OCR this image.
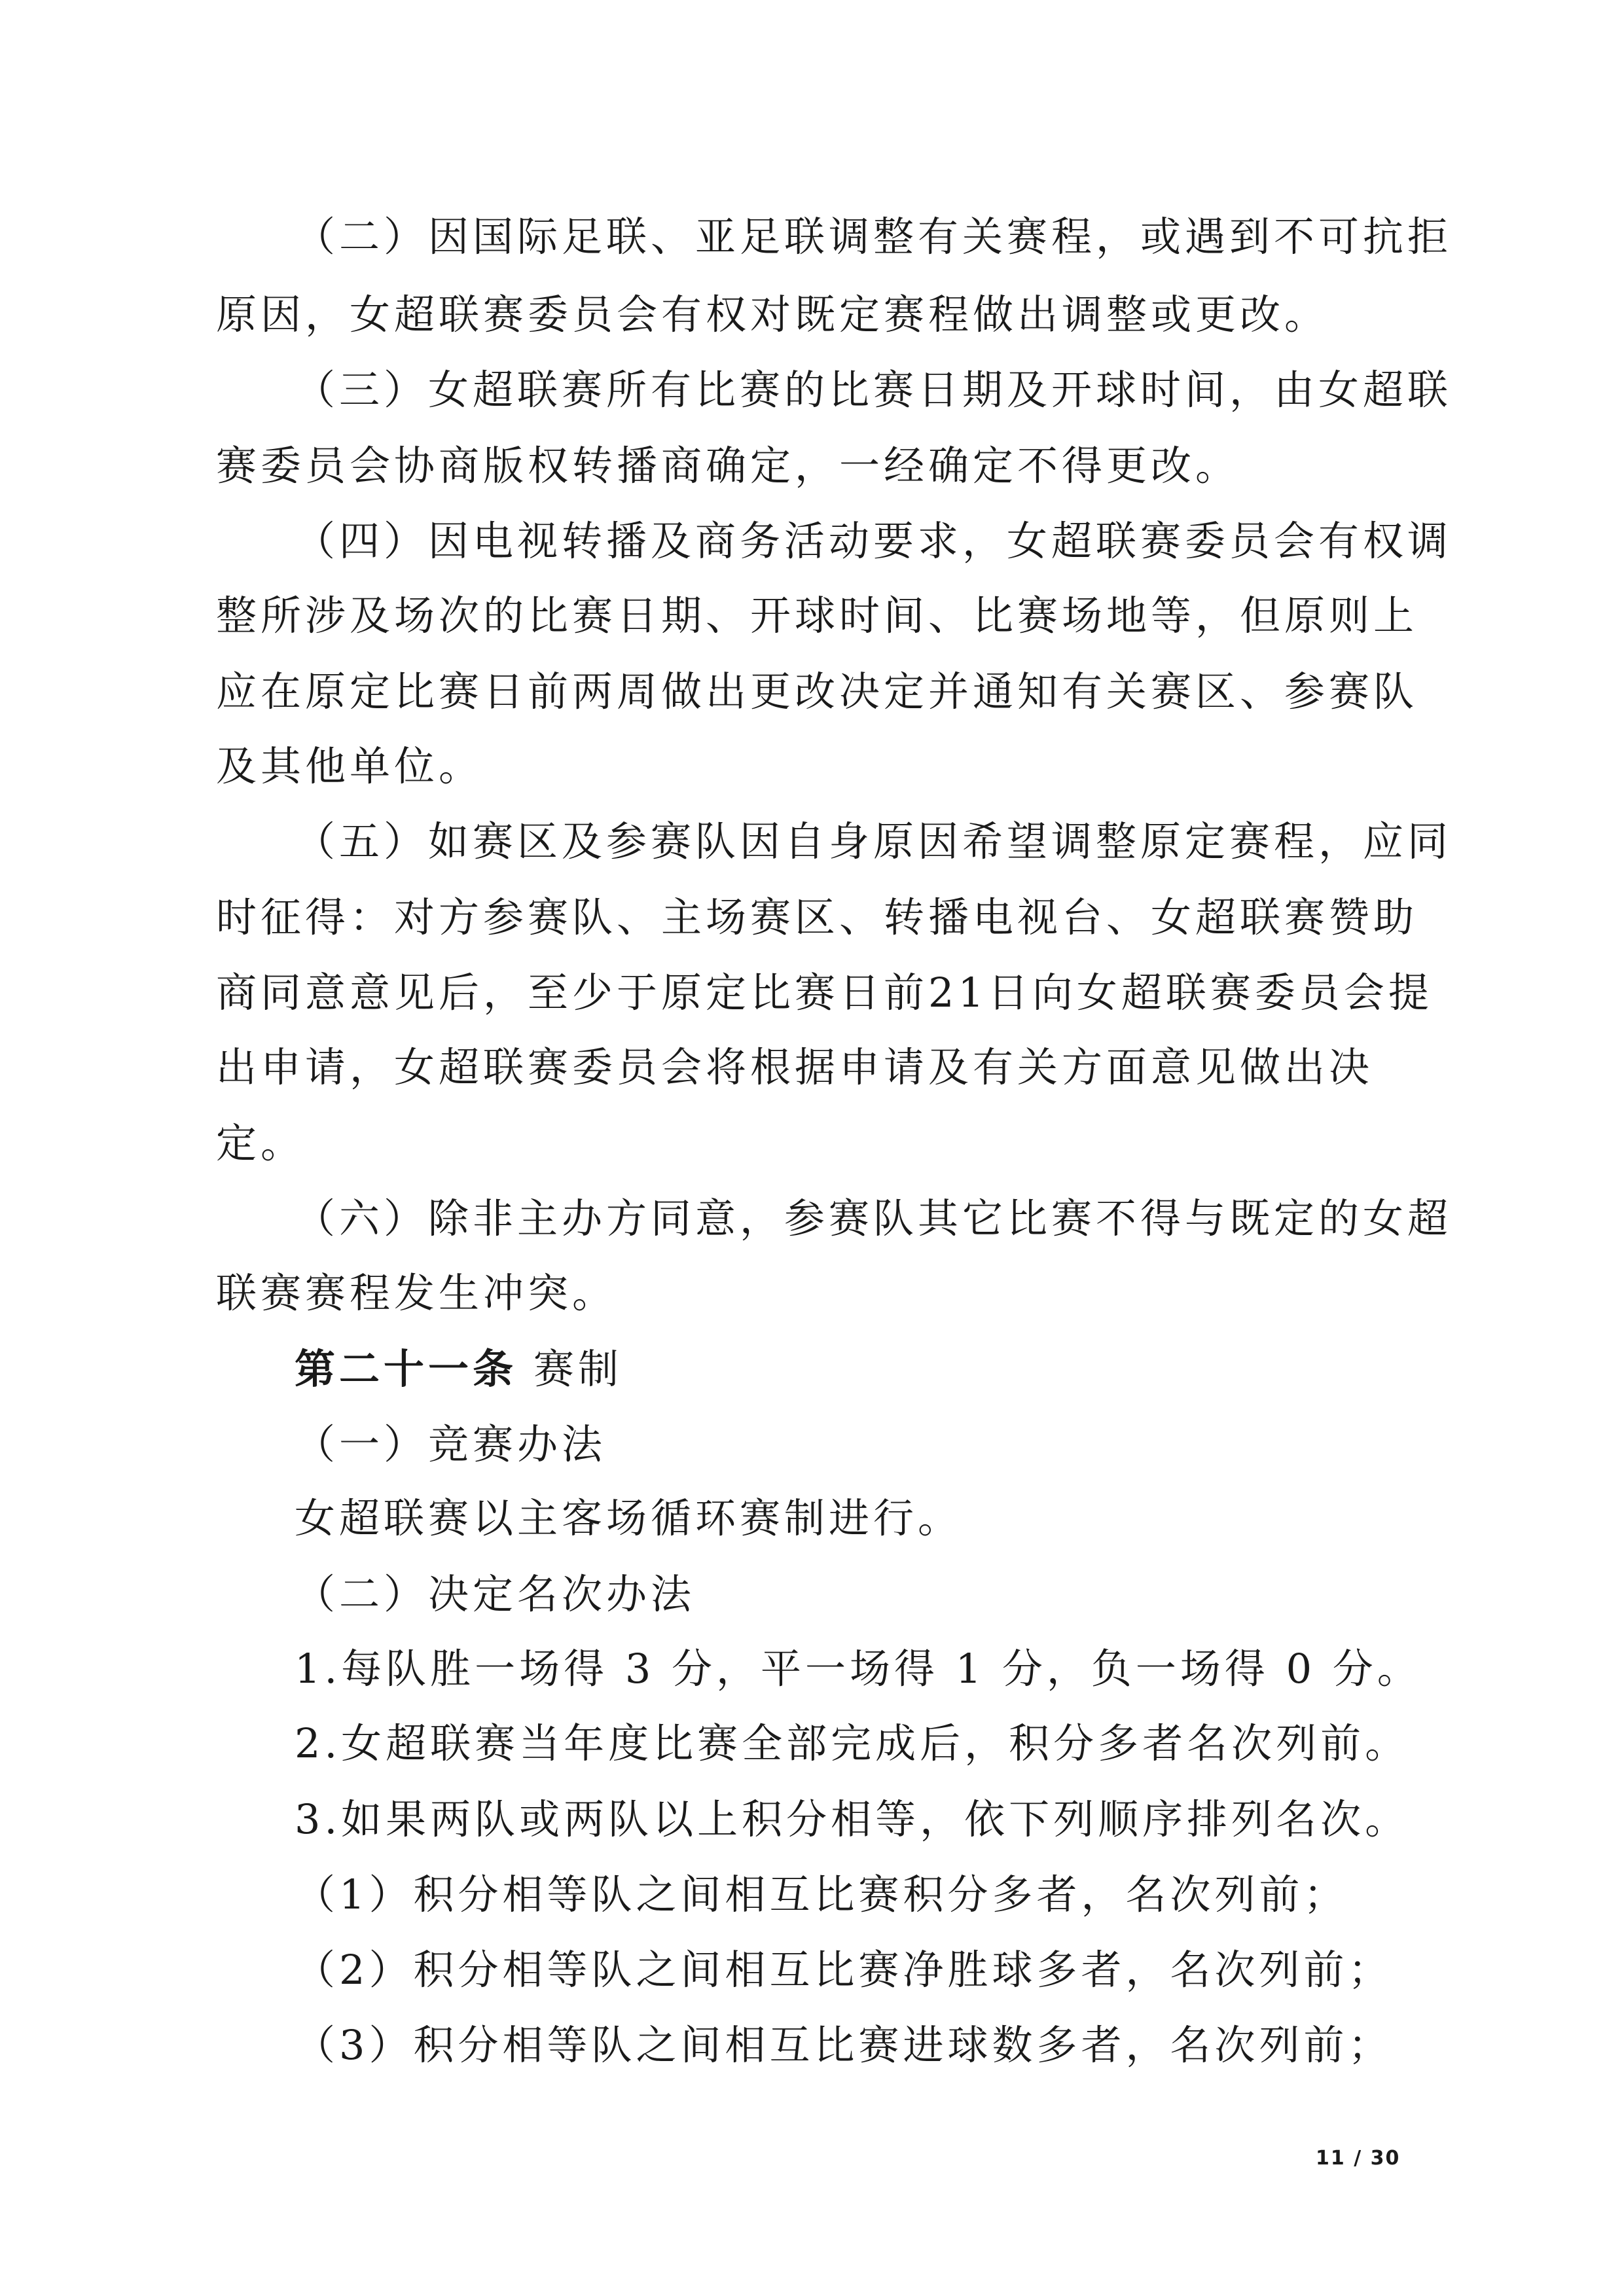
（二）因国际足联、亚足联调整有关赛程，或遇到不可抗拒
原因，女超联赛委员会有权对既定赛程做出调整或更改。
（三）女超联赛所有比赛的比赛日期及开球时间，由女超联
赛委员会协商版权转播商确定，一经确定不得更改。
（四）因电视转播及商务活动要求，女超联赛委员会有权调
整所涉及场次的比赛日期、开球时间、比赛场地等，但原则上
应在原定比赛日前两周做出更改决定并通知有关赛区、参赛队
及其他单位。
（五）如赛区及参赛队因自身原因希望调整原定赛程，应同
时征得：对方参赛队、主场赛区、转播电视台、女超联赛赞助
商同意意见后，至少于原定比赛日前21日向女超联赛委员会提
出申请，女超联赛委员会将根据申请及有关方面意见做出决
定。
（六）除非主办方同意，参赛队其它比赛不得与既定的女超
联赛赛程发生冲突。
第二十一条 赛制
（一）竞赛办法
女超联赛以主客场循环赛制进行。
（二）决定名次办法
1.每队胜一场得 3 分，平一场得 1 分，负一场得 0 分。
2.女超联赛当年度比赛全部完成后，积分多者名次列前。
3.如果两队或两队以上积分相等，依下列顺序排列名次。
（1）积分相等队之间相互比赛积分多者，名次列前；
（2）积分相等队之间相互比赛净胜球多者，名次列前；
（3）积分相等队之间相互比赛进球数多者，名次列前；
11 / 30
